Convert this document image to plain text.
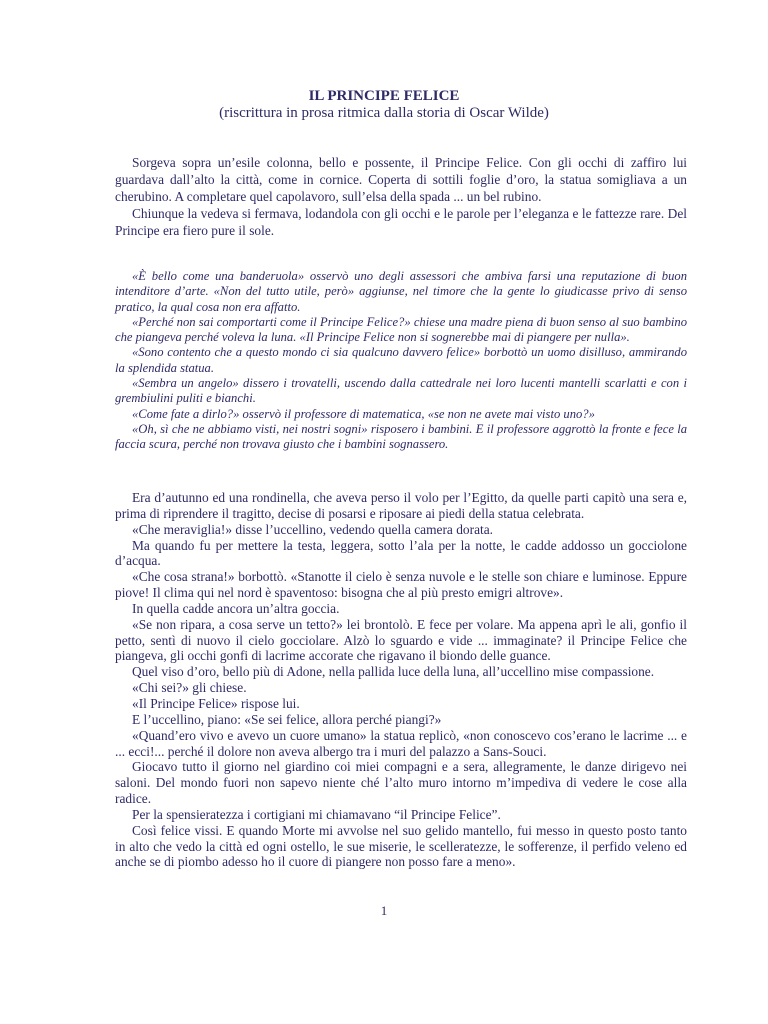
IL PRINCIPE FELICE

(riscrittura in prosa ritmica dalla storia di Oscar Wilde)

Sorgeva sopra un’esile colonna, bello e possente, il Principe Felice. Con gli occhi di zaffiro lui guardava dall’alto la città, come in cornice. Coperta di sottili foglie d’oro, la statua somigliava a un cherubino. A completare quel capolavoro, sull’elsa della spada ... un bel rubino.

Chiunque la vedeva si fermava, lodandola con gli occhi e le parole per l’eleganza e le fattezze rare. Del Principe era fiero pure il sole.

«È bello come una banderuola» osservò uno degli assessori che ambiva farsi una reputazione di buon intenditore d’arte. «Non del tutto utile, però» aggiunse, nel timore che la gente lo giudicasse privo di senso pratico, la qual cosa non era affatto.

«Perché non sai comportarti come il Principe Felice?» chiese una madre piena di buon senso al suo bambino che piangeva perché voleva la luna. «Il Principe Felice non si sognerebbe mai di piangere per nulla».

«Sono contento che a questo mondo ci sia qualcuno davvero felice» borbottò un uomo disilluso, ammirando la splendida statua.

«Sembra un angelo» dissero i trovatelli, uscendo dalla cattedrale nei loro lucenti mantelli scarlatti e con i grembiulini puliti e bianchi.

«Come fate a dirlo?» osservò il professore di matematica, «se non ne avete mai visto uno?»

«Oh, sì che ne abbiamo visti, nei nostri sogni» risposero i bambini. E il professore aggrottò la fronte e fece la faccia scura, perché non trovava giusto che i bambini sognassero.

Era d’autunno ed una rondinella, che aveva perso il volo per l’Egitto, da quelle parti capitò una sera e, prima di riprendere il tragitto, decise di posarsi e riposare ai piedi della statua celebrata.

«Che meraviglia!» disse l’uccellino, vedendo quella camera dorata.

Ma quando fu per mettere la testa, leggera, sotto l’ala per la notte, le cadde addosso un gocciolone d’acqua.

«Che cosa strana!» borbottò. «Stanotte il cielo è senza nuvole e le stelle son chiare e luminose. Eppure piove! Il clima qui nel nord è spaventoso: bisogna che al più presto emigri altrove».

In quella cadde ancora un’altra goccia.

«Se non ripara, a cosa serve un tetto?» lei brontolò. E fece per volare. Ma appena aprì le ali, gonfio il petto, sentì di nuovo il cielo gocciolare. Alzò lo sguardo e vide ... immaginate? il Principe Felice che piangeva, gli occhi gonfi di lacrime accorate che rigavano il biondo delle guance.

Quel viso d’oro, bello più di Adone, nella pallida luce della luna, all’uccellino mise compassione.

«Chi sei?» gli chiese.

«Il Principe Felice» rispose lui.

E l’uccellino, piano: «Se sei felice, allora perché piangi?»

«Quand’ero vivo e avevo un cuore umano» la statua replicò, «non conoscevo cos’erano le lacrime ... e ... ecci!... perché il dolore non aveva albergo tra i muri del palazzo a Sans-Souci.

Giocavo tutto il giorno nel giardino coi miei compagni e a sera, allegramente, le danze dirigevo nei saloni. Del mondo fuori non sapevo niente ché l’alto muro intorno m’impediva di vedere le cose alla radice.

Per la spensieratezza i cortigiani mi chiamavano “il Principe Felice”.

Così felice vissi. E quando Morte mi avvolse nel suo gelido mantello, fui messo in questo posto tanto in alto che vedo la città ed ogni ostello, le sue miserie, le scelleratezze, le sofferenze, il perfido veleno ed anche se di piombo adesso ho il cuore di piangere non posso fare a meno».

1
